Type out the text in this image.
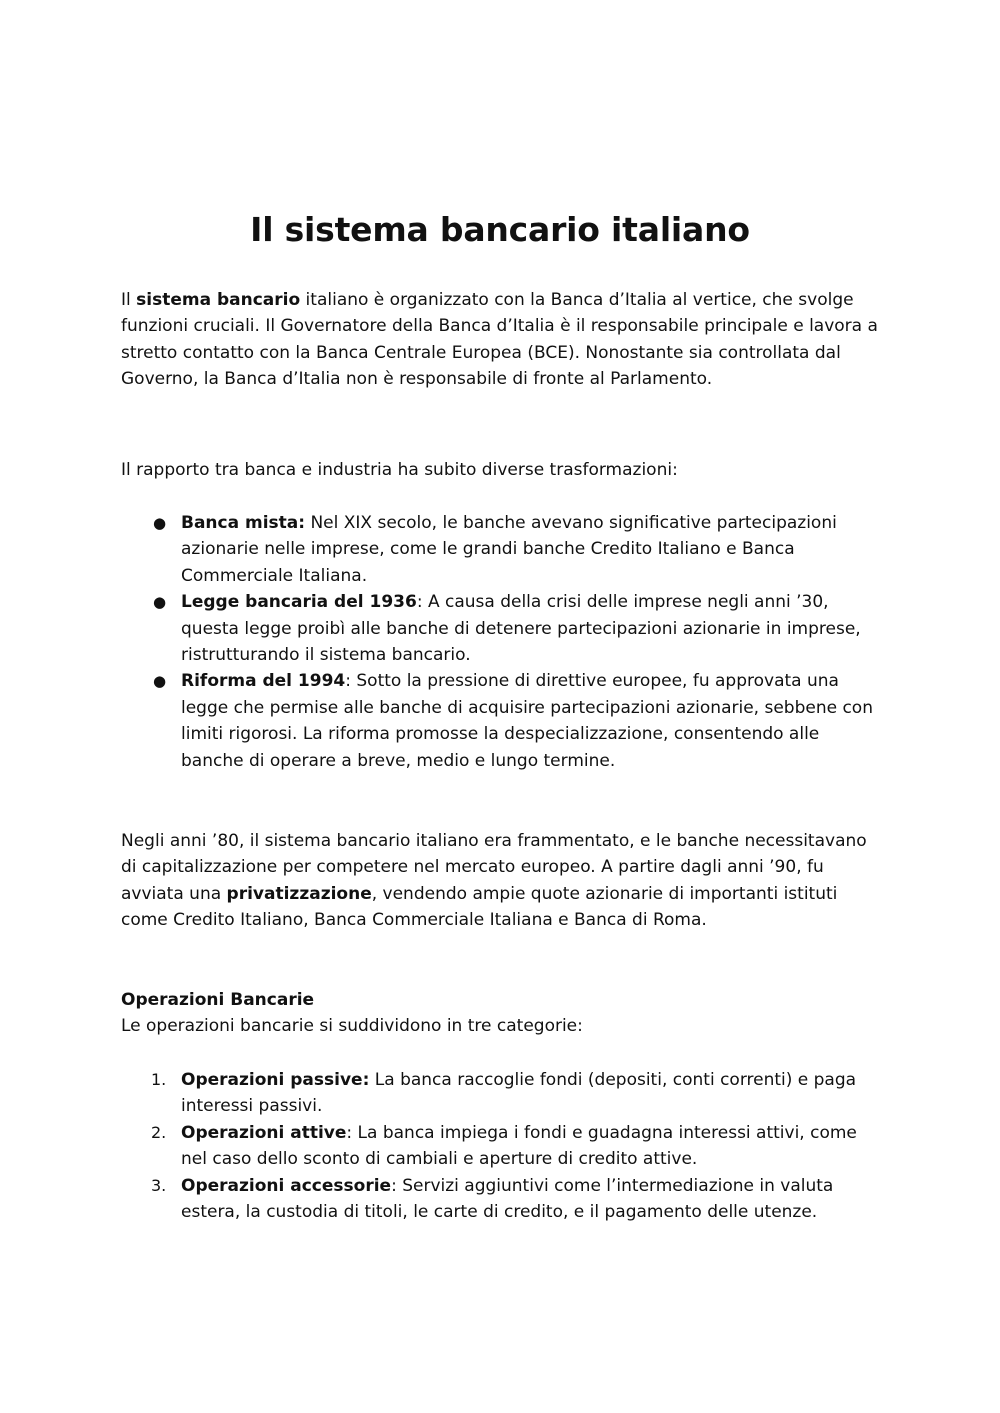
Il sistema bancario italiano

Il sistema bancario italiano è organizzato con la Banca d’Italia al vertice, che svolge funzioni cruciali. Il Governatore della Banca d’Italia è il responsabile principale e lavora a stretto contatto con la Banca Centrale Europea (BCE). Nonostante sia controllata dal Governo, la Banca d’Italia non è responsabile di fronte al Parlamento.

Il rapporto tra banca e industria ha subito diverse trasformazioni:

● Banca mista: Nel XIX secolo, le banche avevano significative partecipazioni azionarie nelle imprese, come le grandi banche Credito Italiano e Banca Commerciale Italiana.
● Legge bancaria del 1936: A causa della crisi delle imprese negli anni ’30, questa legge proibì alle banche di detenere partecipazioni azionarie in imprese, ristrutturando il sistema bancario.
● Riforma del 1994: Sotto la pressione di direttive europee, fu approvata una legge che permise alle banche di acquisire partecipazioni azionarie, sebbene con limiti rigorosi. La riforma promosse la despecializzazione, consentendo alle banche di operare a breve, medio e lungo termine.

Negli anni ’80, il sistema bancario italiano era frammentato, e le banche necessitavano di capitalizzazione per competere nel mercato europeo. A partire dagli anni ’90, fu avviata una privatizzazione, vendendo ampie quote azionarie di importanti istituti come Credito Italiano, Banca Commerciale Italiana e Banca di Roma.

Operazioni Bancarie

Le operazioni bancarie si suddividono in tre categorie:

1. Operazioni passive: La banca raccoglie fondi (depositi, conti correnti) e paga interessi passivi.
2. Operazioni attive: La banca impiega i fondi e guadagna interessi attivi, come nel caso dello sconto di cambiali e aperture di credito attive.
3. Operazioni accessorie: Servizi aggiuntivi come l’intermediazione in valuta estera, la custodia di titoli, le carte di credito, e il pagamento delle utenze.
